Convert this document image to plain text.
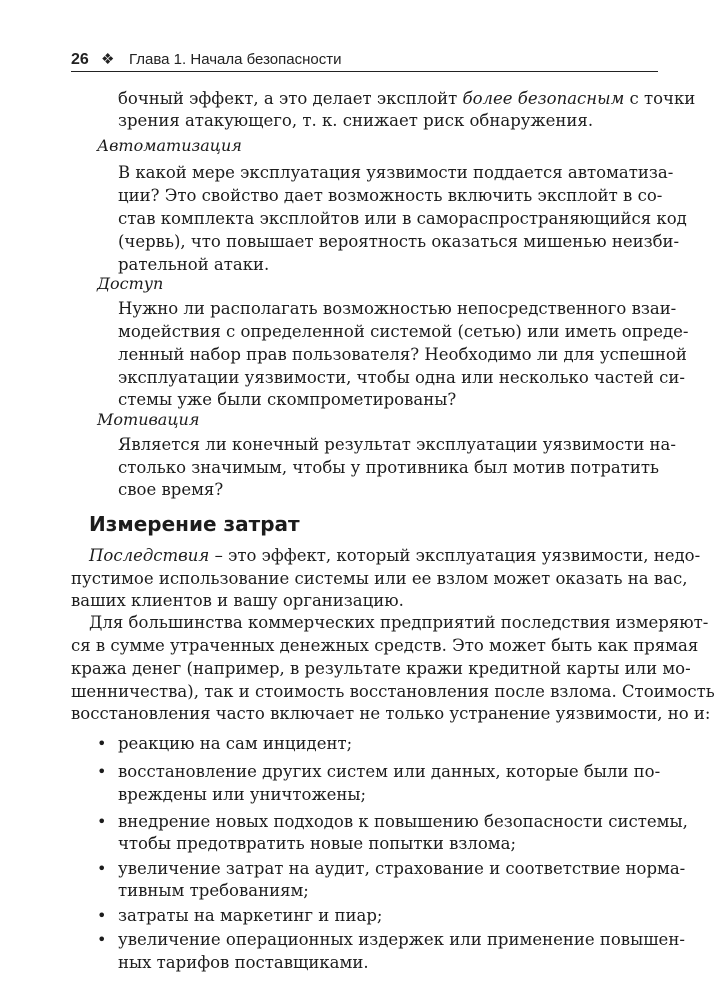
26 ❖ Глава 1. Начала безопасности
бочный эффект, а это делает эксплойт более безопасным с точки
зрения атакующего, т. к. снижает риск обнаружения.
Автоматизация
В какой мере эксплуатация уязвимости поддается автоматиза-
ции? Это свойство дает возможность включить эксплойт в со-
став комплекта эксплойтов или в самораспространяющийся код
(червь), что повышает вероятность оказаться мишенью неизби-
рательной атаки.
Доступ
Нужно ли располагать возможностью непосредственного взаи-
модействия с определенной системой (сетью) или иметь опреде-
ленный набор прав пользователя? Необходимо ли для успешной
эксплуатации уязвимости, чтобы одна или несколько частей си-
стемы уже были скомпрометированы?
Мотивация
Является ли конечный результат эксплуатации уязвимости на-
столько значимым, чтобы у противника был мотив потратить
свое время?
Измерение затрат
Последствия – это эффект, который эксплуатация уязвимости, недо-
пустимое использование системы или ее взлом может оказать на вас,
ваших клиентов и вашу организацию.
Для большинства коммерческих предприятий последствия измеряют-
ся в сумме утраченных денежных средств. Это может быть как прямая
кража денег (например, в результате кражи кредитной карты или мо-
шенничества), так и стоимость восстановления после взлома. Стоимость
восстановления часто включает не только устранение уязвимости, но и:
• реакцию на сам инцидент;
• восстановление других систем или данных, которые были по-
вреждены или уничтожены;
• внедрение новых подходов к повышению безопасности системы,
чтобы предотвратить новые попытки взлома;
• увеличение затрат на аудит, страхование и соответствие норма-
тивным требованиям;
• затраты на маркетинг и пиар;
• увеличение операционных издержек или применение повышен-
ных тарифов поставщиками.
